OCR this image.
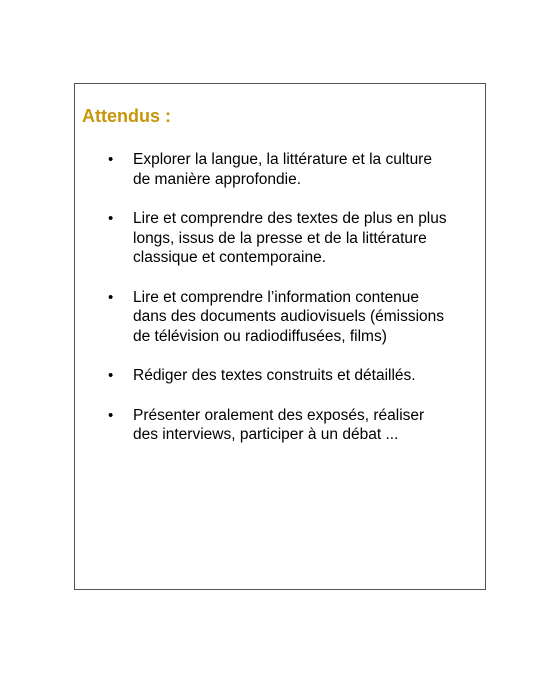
Attendus :
• Explorer la langue, la littérature et la culture de manière approfondie.
• Lire et comprendre des textes de plus en plus longs, issus de la presse et de la littérature classique et contemporaine.
• Lire et comprendre l’information contenue dans des documents audiovisuels (émissions de télévision ou radiodiffusées, films)
• Rédiger des textes construits et détaillés.
• Présenter oralement des exposés, réaliser des interviews, participer à un débat ...
